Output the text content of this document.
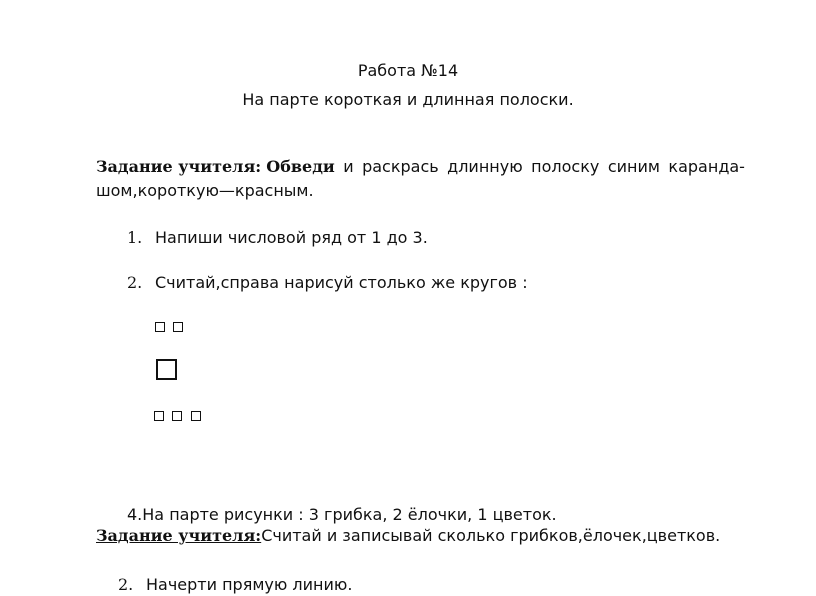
Работа №14
На парте короткая и длинная полоски.
Задание учителя: Обведи и раскрась длинную полоску синим каранда-
шом,короткую—красным.
1. Напиши числовой ряд от 1 до 3.
2. Считай,справа нарисуй столько же кругов :
4.На парте рисунки : 3 грибка, 2 ёлочки, 1 цветок.
Задание учителя:Считай и записывай сколько грибков,ёлочек,цветков.
2. Начерти прямую линию.
